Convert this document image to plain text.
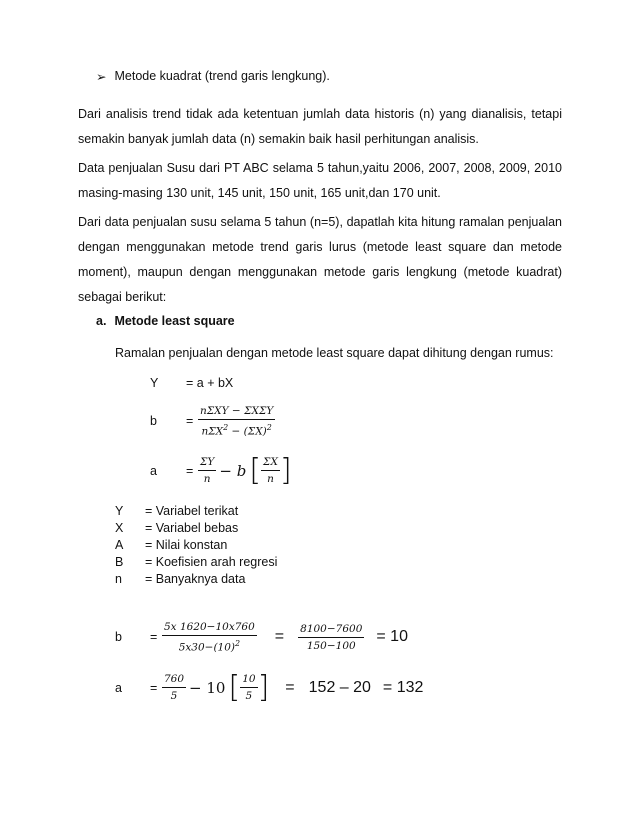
➢ Metode kuadrat (trend garis lengkung).
Dari analisis trend tidak ada ketentuan jumlah data historis (n) yang dianalisis, tetapi
semakin banyak jumlah data (n) semakin baik hasil perhitungan analisis.
Data penjualan Susu dari PT ABC selama 5 tahun,yaitu 2006, 2007, 2008, 2009, 2010
masing-masing 130 unit, 145 unit, 150 unit, 165 unit,dan 170 unit.
Dari data penjualan susu selama 5 tahun (n=5), dapatlah kita hitung ramalan penjualan
dengan menggunakan metode trend garis lurus (metode least square dan metode
moment), maupun dengan menggunakan metode garis lengkung (metode kuadrat)
sebagai berikut:
a. Metode least square
Ramalan penjualan dengan metode least square dapat dihitung dengan rumus:
Y	= a + bX
b	= $\frac{\text{nΣXY − ΣXΣY}}{n\Sigma X^2 - (\Sigma X)^2}$
a	= $\frac{\Sigma Y}{n} - b$ [ $\frac{\Sigma X}{n}$ ]
Y	= Variabel terikat
X	= Variabel bebas
A	= Nilai konstan
B	= Koefisien arah regresi
n	= Banyaknya data
b	= $\frac{5x 1620-10x760}{5x30-(10)^2} = \frac{8100-7600}{150-100} = 10$
a	= $\frac{760}{5} - 10$ [ $\frac{10}{5}$ ] = 152 – 20 = 132
